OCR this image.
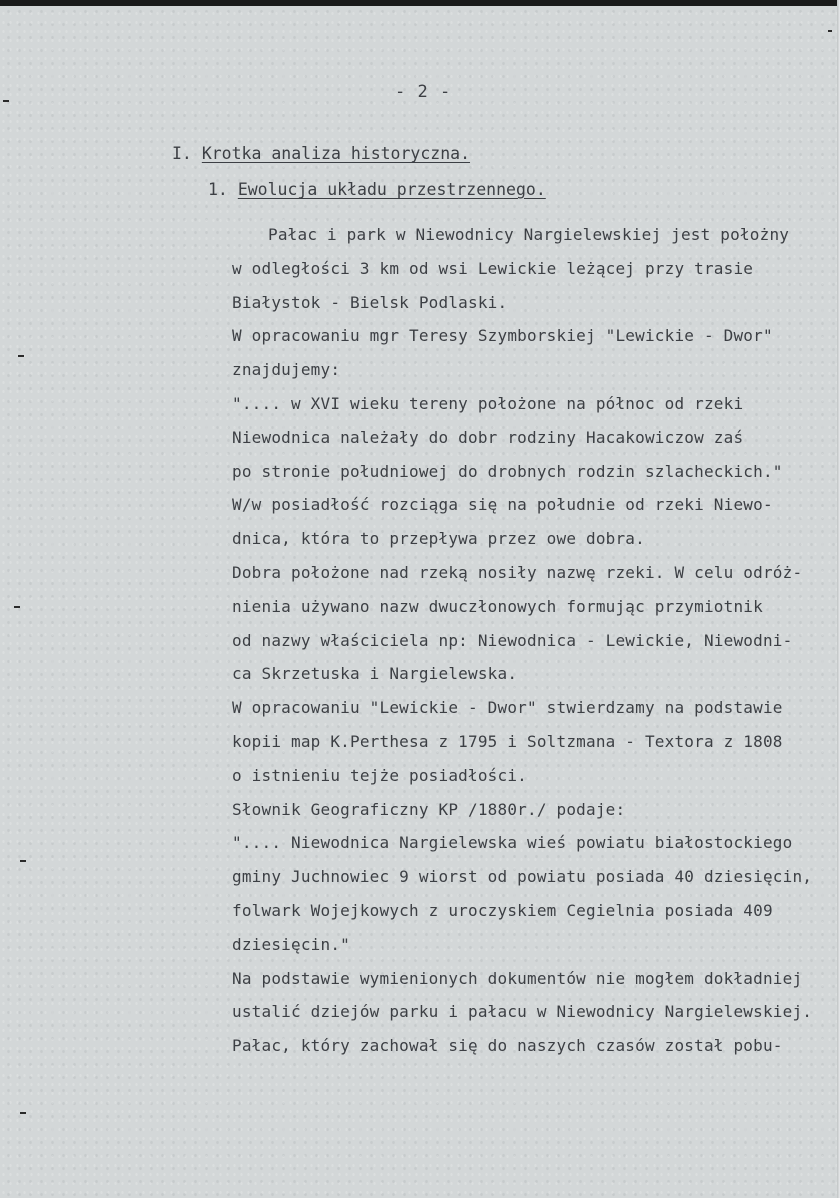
- 2 -
I. Krotka analiza historyczna.
1. Ewolucja układu przestrzennego.
Pałac i park w Niewodnicy Nargielewskiej jest położny
w odległości 3 km od wsi Lewickie leżącej przy trasie
Białystok - Bielsk Podlaski.
W opracowaniu mgr Teresy Szymborskiej "Lewickie - Dwor"
znajdujemy:
".... w XVI wieku tereny położone na północ od rzeki
Niewodnica należały do dobr rodziny Hacakowiczow zaś
po stronie południowej do drobnych rodzin szlacheckich."
W/w posiadłość rozciąga się na południe od rzeki Niewo-
dnica, która to przepływa przez owe dobra.
Dobra położone nad rzeką nosiły nazwę rzeki. W celu odróż-
nienia używano nazw dwuczłonowych formując przymiotnik
od nazwy właściciela np: Niewodnica - Lewickie, Niewodni-
ca Skrzetuska i Nargielewska.
W opracowaniu "Lewickie - Dwor" stwierdzamy na podstawie
kopii map K.Perthesa z 1795 i Soltzmana - Textora z 1808
o istnieniu tejże posiadłości.
Słownik Geograficzny KP /1880r./ podaje:
".... Niewodnica Nargielewska wieś powiatu białostockiego
gminy Juchnowiec 9 wiorst od powiatu posiada 40 dziesięcin,
folwark Wojejkowych z uroczyskiem Cegielnia posiada 409
dziesięcin."
Na podstawie wymienionych dokumentów nie mogłem dokładniej
ustalić dziejów parku i pałacu w Niewodnicy Nargielewskiej.
Pałac, który zachował się do naszych czasów został pobu-
